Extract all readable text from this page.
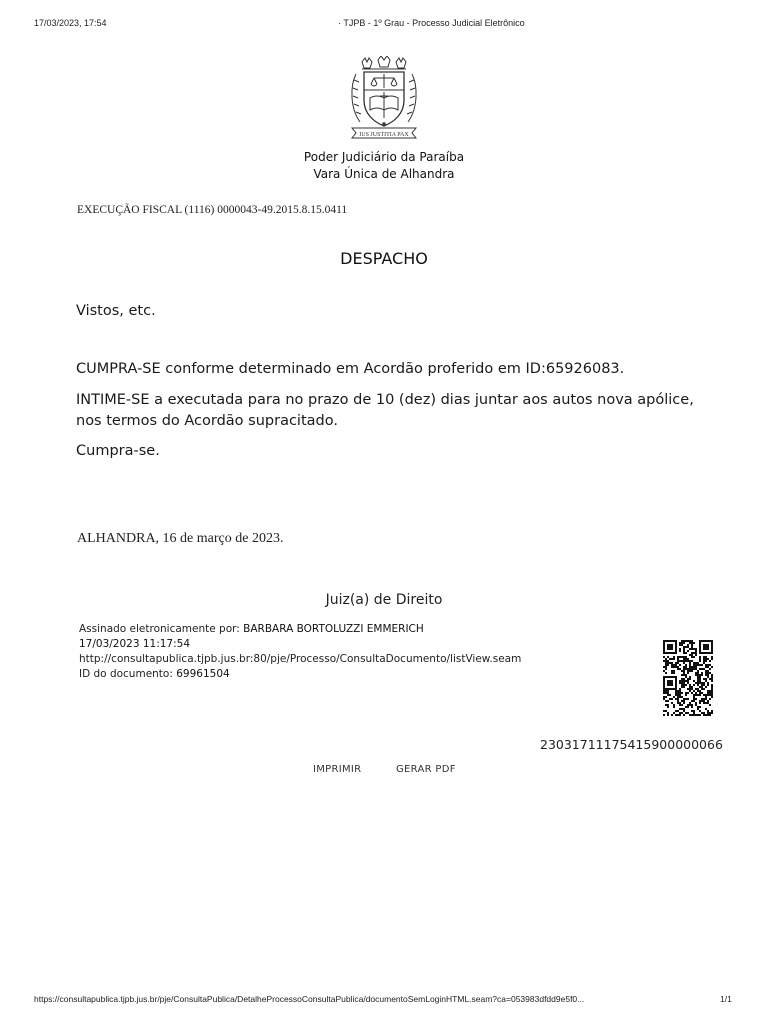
17/03/2023, 17:54	· TJPB - 1º Grau - Processo Judicial Eletrônico
IUS JUSTITIA PAX
Poder Judiciário da Paraíba
Vara Única de Alhandra
EXECUÇÃO FISCAL (1116) 0000043-49.2015.8.15.0411
DESPACHO
Vistos, etc.
CUMPRA-SE conforme determinado em Acordão proferido em ID:65926083.
INTIME-SE a executada para no prazo de 10 (dez) dias juntar aos autos nova apólice,
nos termos do Acordão supracitado.
Cumpra-se.
ALHANDRA, 16 de março de 2023.
Juiz(a) de Direito
Assinado eletronicamente por: BARBARA BORTOLUZZI EMMERICH
17/03/2023 11:17:54
http://consultapublica.tjpb.jus.br:80/pje/Processo/ConsultaDocumento/listView.seam
ID do documento: 69961504
23031711175415900000066
IMPRIMIR	GERAR PDF
https://consultapublica.tjpb.jus.br/pje/ConsultaPublica/DetalheProcessoConsultaPublica/documentoSemLoginHTML.seam?ca=053983dfdd9e5f0...	1/1
